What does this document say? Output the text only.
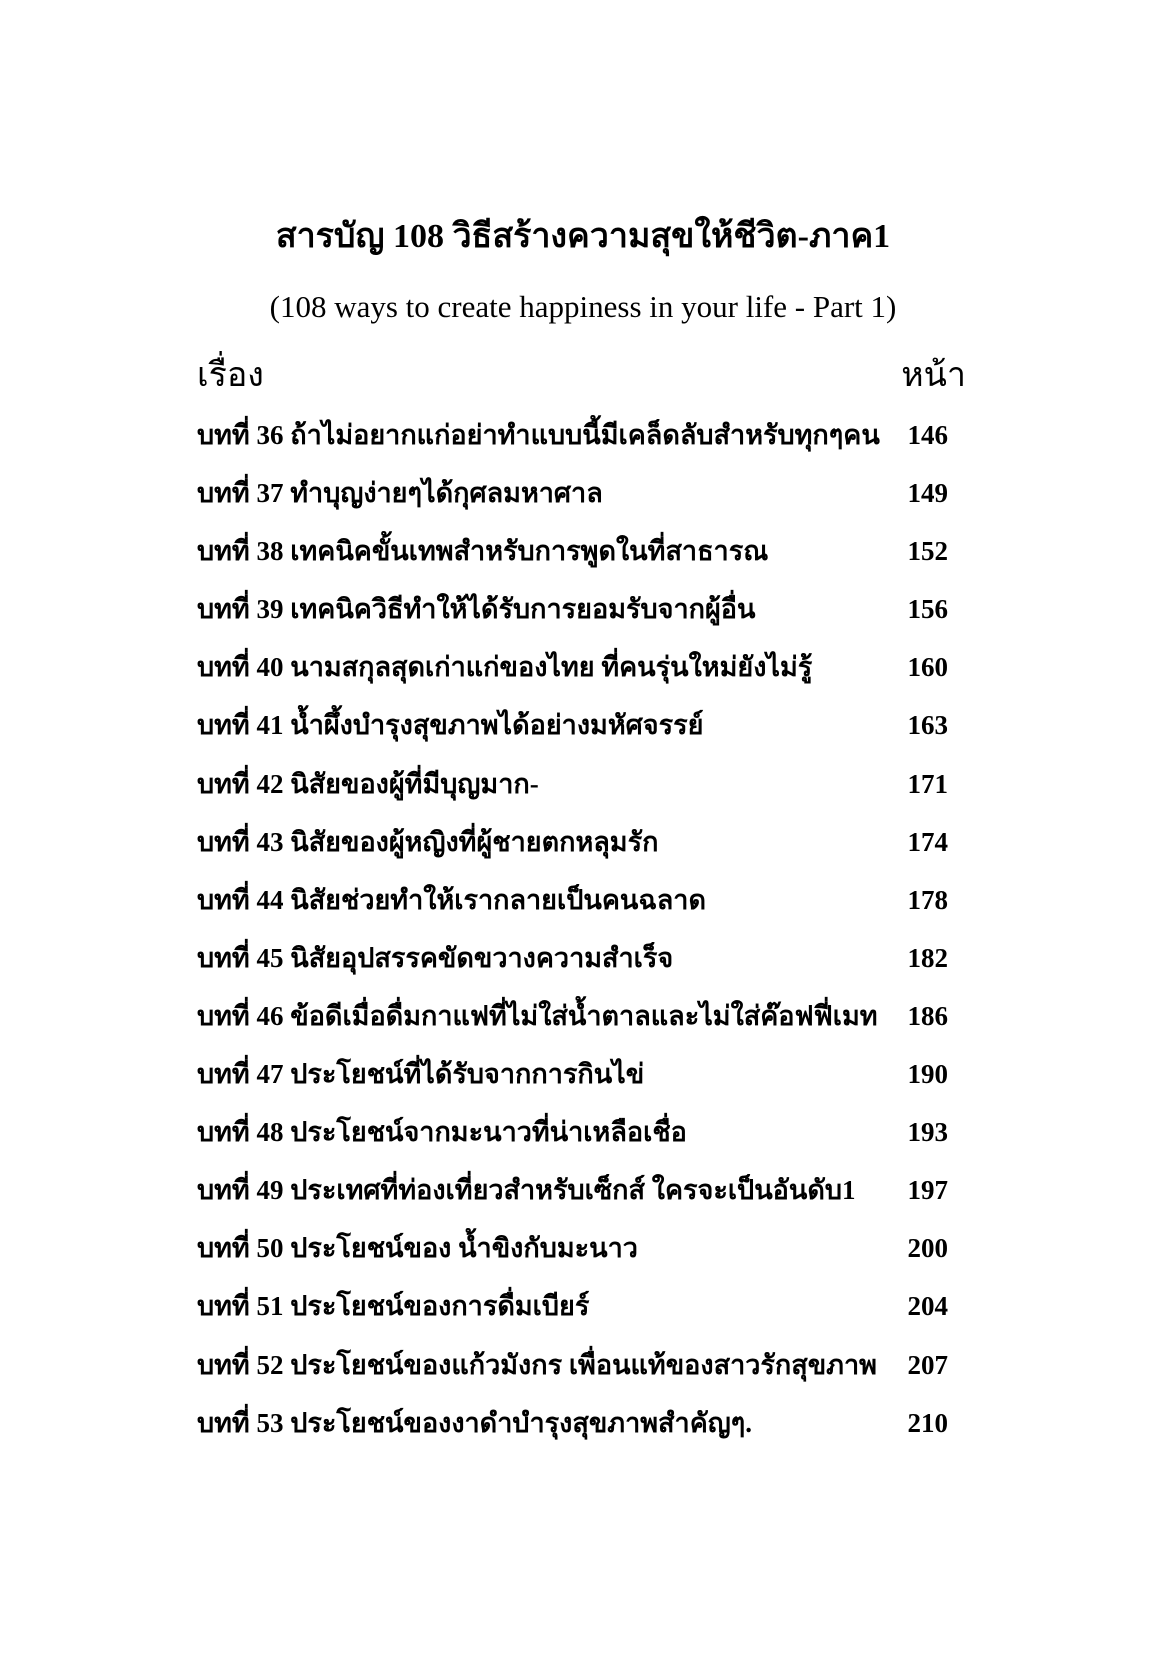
สารบัญ 108 วิธีสร้างความสุขให้ชีวิต-ภาค1
(108 ways to create happiness in your life - Part 1)
เรื่อง	หน้า
บทที่ 36 ถ้าไม่อยากแก่อย่าทำแบบนี้มีเคล็ดลับสำหรับทุกๆคน 146
บทที่ 37 ทำบุญง่ายๆได้กุศลมหาศาล	149
บทที่ 38 เทคนิคขั้นเทพสำหรับการพูดในที่สาธารณ	152
บทที่ 39 เทคนิควิธีทำให้ได้รับการยอมรับจากผู้อื่น	156
บทที่ 40 นามสกุลสุดเก่าแก่ของไทย ที่คนรุ่นใหม่ยังไม่รู้	160
บทที่ 41 น้ำผึ้งบำรุงสุขภาพได้อย่างมหัศจรรย์	163
บทที่ 42 นิสัยของผู้ที่มีบุญมาก-	171
บทที่ 43 นิสัยของผู้หญิงที่ผู้ชายตกหลุมรัก	174
บทที่ 44 นิสัยช่วยทำให้เรากลายเป็นคนฉลาด	178
บทที่ 45 นิสัยอุปสรรคขัดขวางความสำเร็จ	182
บทที่ 46 ข้อดีเมื่อดื่มกาแฟที่ไม่ใส่น้ำตาลและไม่ใส่ค๊อฟฟี่เมท 186
บทที่ 47 ประโยชน์ที่ได้รับจากการกินไข่	190
บทที่ 48 ประโยชน์จากมะนาวที่น่าเหลือเชื่อ	193
บทที่ 49 ประเทศที่ท่องเที่ยวสำหรับเซ็กส์ ใครจะเป็นอันดับ1 197
บทที่ 50 ประโยชน์ของ น้ำขิงกับมะนาว	200
บทที่ 51 ประโยชน์ของการดื่มเบียร์	204
บทที่ 52 ประโยชน์ของแก้วมังกร เพื่อนแท้ของสาวรักสุขภาพ 207
บทที่ 53 ประโยชน์ของงาดำบำรุงสุขภาพสำคัญๆ.	210
